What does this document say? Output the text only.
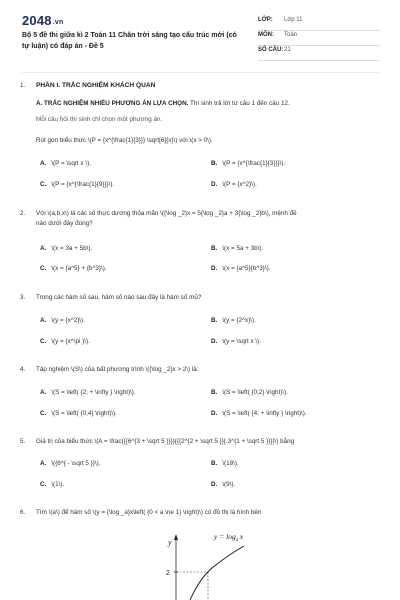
2048.vn
Bộ 5 đề thi giữa kì 2 Toán 11 Chân trời sáng tạo cấu trúc mới (có tự luận) có đáp án - Đề 5
LỚP: Lớp 11
MÔN: Toán
SỐ CÂU: 21
1.	PHẦN I. TRẮC NGHIỆM KHÁCH QUAN
A. TRẮC NGHIỆM NHIỀU PHƯƠNG ÁN LỰA CHỌN. Thí sinh trả lời từ câu 1 đến câu 12.
Mỗi câu hỏi thí sinh chỉ chọn một phương án.
Rút gọn biểu thức \(P = {x^{\frac{1}{3}}} \sqrt[6]{x}\) với \(x > 0\).
A. \(P = \sqrt x \).	B. \(P = {x^{\frac{1}{3}}}\).
C. \(P = {x^{\frac{1}{9}}}\).	D. \(P = {x^2}\).
2.	Với \(a,b,x\) là các số thực dương thỏa mãn \({\log _2}x = 5{\log _2}a + 3{\log _2}b\), mệnh đề
nào dưới đây đúng?
A. \(x = 3a + 5b\).	B. \(x = 5a + 3b\).
C. \(x = {a^5} + {b^3}\).	D. \(x = {a^5}{b^3}\).
3.	Trong các hàm số sau, hàm số nào sau đây là hàm số mũ?
A. \(y = {x^2}\).	B. \(y = {2^x}\).
C. \(y = {x^\pi }\).	D. \(y = \sqrt x \).
4.	Tập nghiệm \(S\) của bất phương trình \({\log _2}x > 2\) là:
A. \(S = \left( {2; + \infty } \right)\).	B. \(S = \left( {0;2} \right)\).
C. \(S = \left( {0;4} \right)\).	D. \(S = \left( {4; + \infty } \right)\).
5.	Giá trị của biểu thức \(A = \frac{{{6^{3 + \sqrt 5 }}}}{{{2^{2 + \sqrt 5 }}{.3^{1 + \sqrt 5 }}}}\) bằng
A. \({6^{ - \sqrt 5 }}\).	B. \(18\).
C. \(1\).	D. \(9\).
6.	Tìm \(a\) để hàm số \(y = {\log _a}x\left( {0 < a \ne 1} \right)\) có đồ thị là hình bên
y
2
$y = \log_a x$
